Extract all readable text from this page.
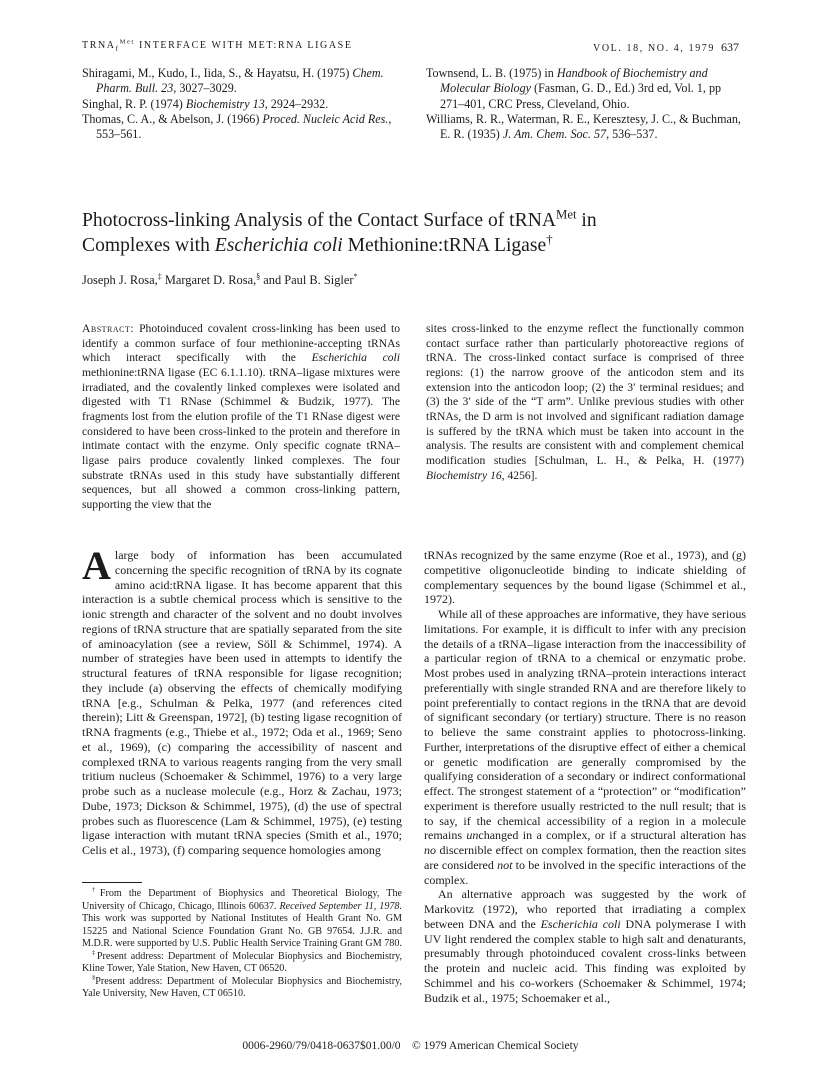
$TRNA_f^{Met}$ INTERFACE WITH MET:RNA LIGASE	VOL. 18, NO. 4, 1979 637

Shiragami, M., Kudo, I., Iida, S., & Hayatsu, H. (1975) Chem. Pharm. Bull. 23, 3027–3029.

Singhal, R. P. (1974) Biochemistry 13, 2924–2932.

Thomas, C. A., & Abelson, J. (1966) Proced. Nucleic Acid Res., 553–561.

Townsend, L. B. (1975) in Handbook of Biochemistry and Molecular Biology (Fasman, G. D., Ed.) 3rd ed, Vol. 1, pp 271–401, CRC Press, Cleveland, Ohio.

Williams, R. R., Waterman, R. E., Keresztesy, J. C., & Buchman, E. R. (1935) J. Am. Chem. Soc. 57, 536–537.

Photocross-linking Analysis of the Contact Surface of tRNA$^{Met}$ in
Complexes with Escherichia coli Methionine:tRNA Ligase†
Joseph J. Rosa,‡ Margaret D. Rosa,§ and Paul B. Sigler*

Abstract: Photoinduced covalent cross-linking has been used to identify a common surface of four methionine-accepting tRNAs which interact specifically with the Escherichia coli methionine:tRNA ligase (EC 6.1.1.10). tRNA–ligase mixtures were irradiated, and the covalently linked complexes were isolated and digested with T1 RNase (Schimmel & Budzik, 1977). The fragments lost from the elution profile of the T1 RNase digest were considered to have been cross-linked to the protein and therefore in intimate contact with the enzyme. Only specific cognate tRNA–ligase pairs produce covalently linked complexes. The four substrate tRNAs used in this study have substantially different sequences, but all showed a common cross-linking pattern, supporting the view that the

sites cross-linked to the enzyme reflect the functionally common contact surface rather than particularly photoreactive regions of tRNA. The cross-linked contact surface is comprised of three regions: (1) the narrow groove of the anticodon stem and its extension into the anticodon loop; (2) the 3′ terminal residues; and (3) the 3′ side of the “T arm”. Unlike previous studies with other tRNAs, the D arm is not involved and significant radiation damage is suffered by the tRNA which must be taken into account in the analysis. The results are consistent with and complement chemical modification studies [Schulman, L. H., & Pelka, H. (1977) Biochemistry 16, 4256].

A large body of information has been accumulated concerning the specific recognition of tRNA by its cognate amino acid:tRNA ligase. It has become apparent that this interaction is a subtle chemical process which is sensitive to the ionic strength and character of the solvent and no doubt involves regions of tRNA structure that are spatially separated from the site of aminoacylation (see a review, Söll & Schimmel, 1974). A number of strategies have been used in attempts to identify the structural features of tRNA responsible for ligase recognition; they include (a) observing the effects of chemically modifying tRNA [e.g., Schulman & Pelka, 1977 (and references cited therein); Litt & Greenspan, 1972], (b) testing ligase recognition of tRNA fragments (e.g., Thiebe et al., 1972; Oda et al., 1969; Seno et al., 1969), (c) comparing the accessibility of nascent and complexed tRNA to various reagents ranging from the very small tritium nucleus (Schoemaker & Schimmel, 1976) to a very large probe such as a nuclease molecule (e.g., Horz & Zachau, 1973; Dube, 1973; Dickson & Schimmel, 1975), (d) the use of spectral probes such as fluorescence (Lam & Schimmel, 1975), (e) testing ligase interaction with mutant tRNA species (Smith et al., 1970; Celis et al., 1973), (f) comparing sequence homologies among

tRNAs recognized by the same enzyme (Roe et al., 1973), and (g) competitive oligonucleotide binding to indicate shielding of complementary sequences by the bound ligase (Schimmel et al., 1972).

While all of these approaches are informative, they have serious limitations. For example, it is difficult to infer with any precision the details of a tRNA–ligase interaction from the inaccessibility of a particular region of tRNA to a chemical or enzymatic probe. Most probes used in analyzing tRNA–protein interactions interact preferentially with single stranded RNA and are therefore likely to point preferentially to contact regions in the tRNA that are devoid of significant secondary (or tertiary) structure. There is no reason to believe the same constraint applies to photocross-linking. Further, interpretations of the disruptive effect of either a chemical or genetic modification are generally compromised by the qualifying consideration of a secondary or indirect conformational effect. The strongest statement of a “protection” or “modification” experiment is therefore usually restricted to the null result; that is to say, if the chemical accessibility of a region in a molecule remains unchanged in a complex, or if a structural alteration has no discernible effect on complex formation, then the reaction sites are considered not to be involved in the specific interactions of the complex.

An alternative approach was suggested by the work of Markovitz (1972), who reported that irradiating a complex between DNA and the Escherichia coli DNA polymerase I with UV light rendered the complex stable to high salt and denaturants, presumably through photoinduced covalent cross-links between the protein and nucleic acid. This finding was exploited by Schimmel and his co-workers (Schoemaker & Schimmel, 1974; Budzik et al., 1975; Schoemaker et al.,

†From the Department of Biophysics and Theoretical Biology, The University of Chicago, Chicago, Illinois 60637. Received September 11, 1978. This work was supported by National Institutes of Health Grant No. GM 15225 and National Science Foundation Grant No. GB 97654. J.J.R. and M.D.R. were supported by U.S. Public Health Service Training Grant GM 780.

‡Present address: Department of Molecular Biophysics and Biochemistry, Kline Tower, Yale Station, New Haven, CT 06520.

§Present address: Department of Molecular Biophysics and Biochemistry, Yale University, New Haven, CT 06510.

0006-2960/79/0418-0637$01.00/0 © 1979 American Chemical Society
